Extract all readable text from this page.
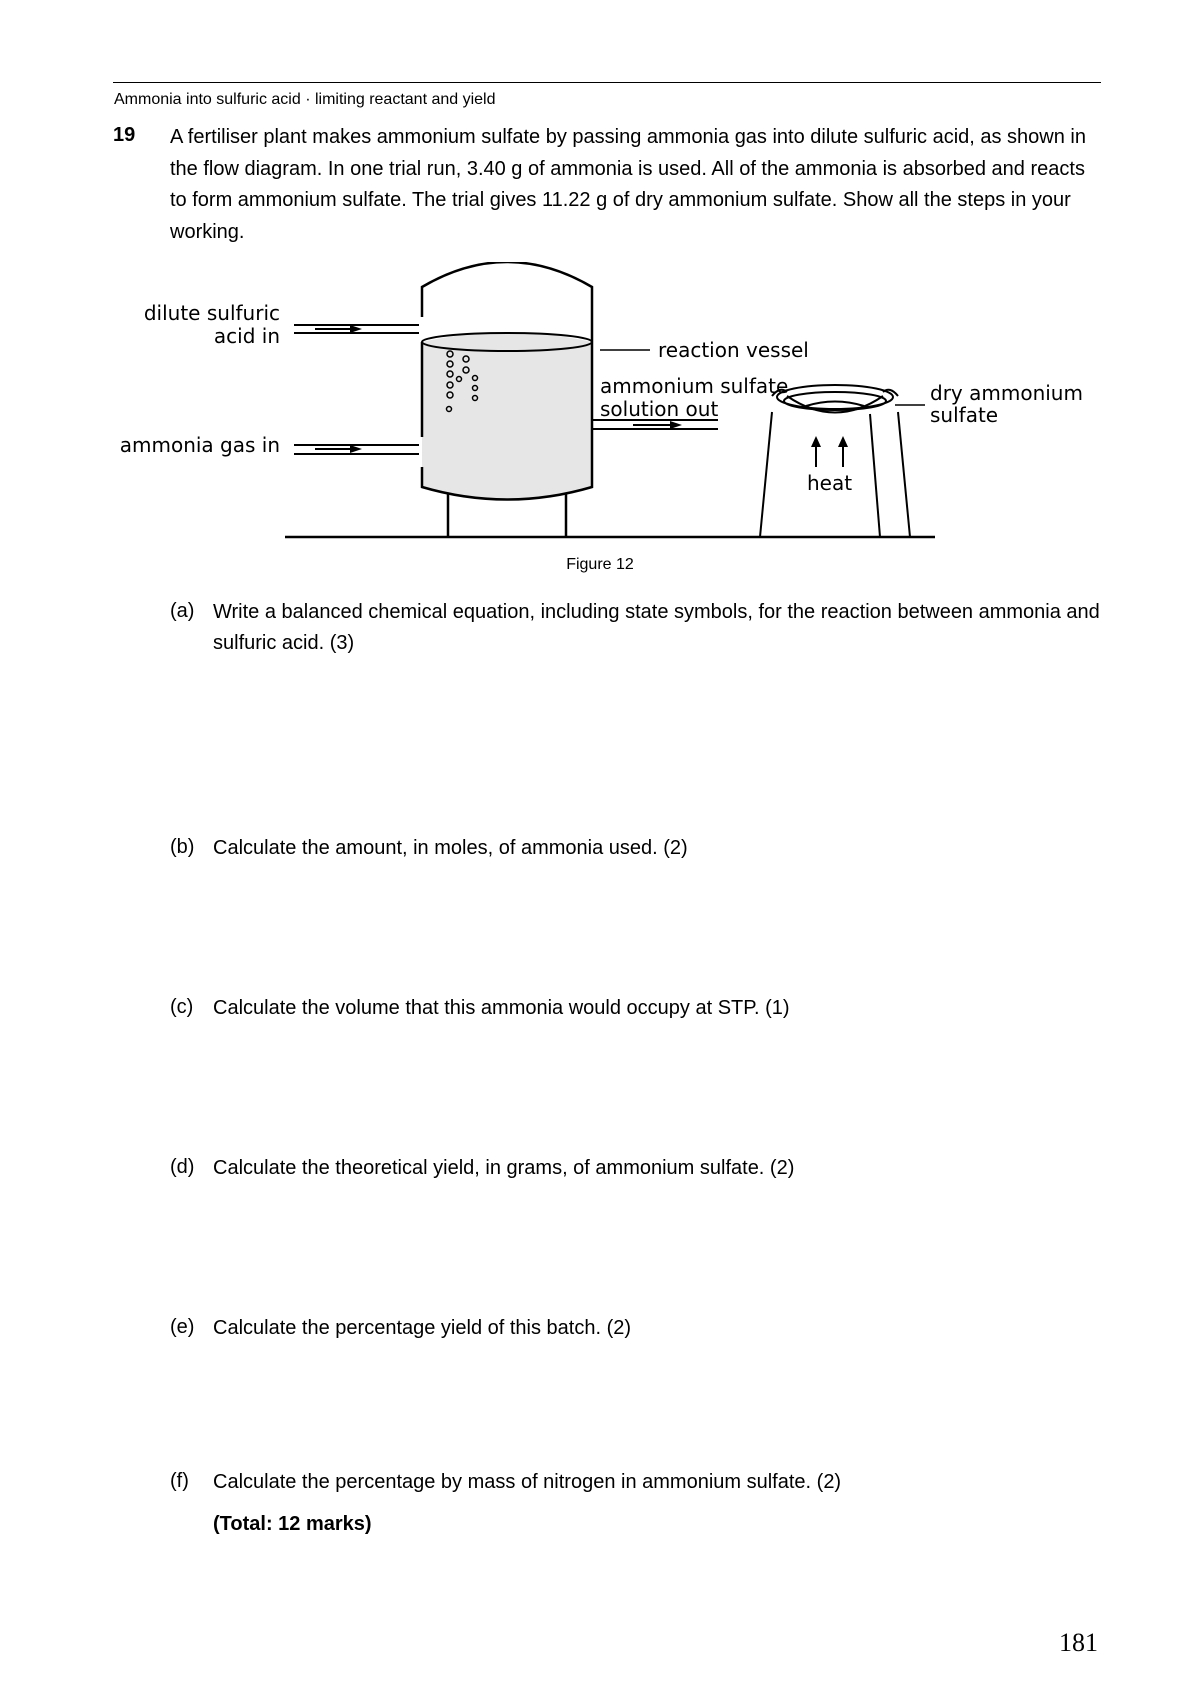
Ammonia into sulfuric acid · limiting reactant and yield
19 A fertiliser plant makes ammonium sulfate by passing ammonia gas into dilute sulfuric acid, as shown in the flow diagram. In one trial run, 3.40 g of ammonia is used. All of the ammonia is absorbed and reacts to form ammonium sulfate. The trial gives 11.22 g of dry ammonium sulfate. Show all the steps in your working.
dilute sulfuric
acid in
ammonia gas in
reaction vessel
ammonium sulfate
solution out
heat
dry ammonium
sulfate
Figure 12
(a) Write a balanced chemical equation, including state symbols, for the reaction between ammonia and sulfuric acid. (3)
(b) Calculate the amount, in moles, of ammonia used. (2)
(c) Calculate the volume that this ammonia would occupy at STP. (1)
(d) Calculate the theoretical yield, in grams, of ammonium sulfate. (2)
(e) Calculate the percentage yield of this batch. (2)
(f) Calculate the percentage by mass of nitrogen in ammonium sulfate. (2)
(Total: 12 marks)
181
